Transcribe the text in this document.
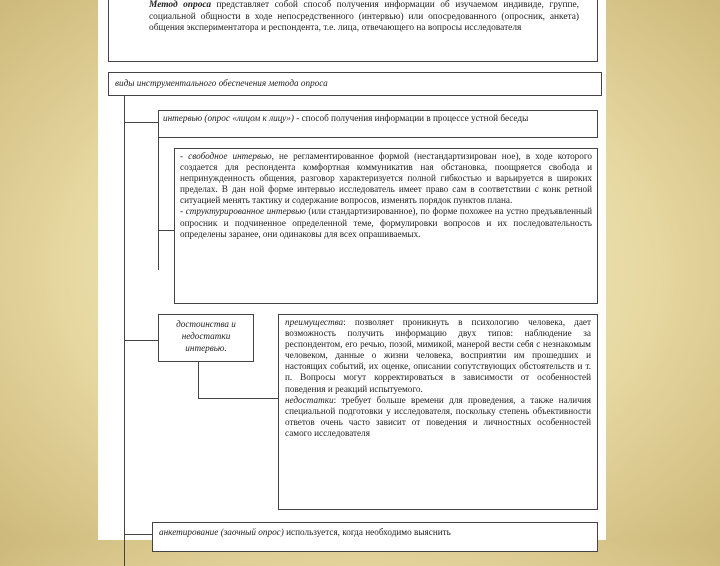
Метод опроса представляет собой способ получения информации об изучаемом индивиде, группе, социальной общности в ходе непосредственного (интервью) или опосредованного (опросник, анкета) общения экспериментатора и респондента, т.е. лица, отвечающего на вопросы исследователя

виды инструментального обеспечения метода опроса
интервью (опрос «лицом к лицу») - способ получения информации в процессе устной беседы

- свободное интервью, не регламентированное формой (нестандартизирован ное), в ходе которого создается для респондента комфортная коммуникатив ная обстановка, поощряется свобода и непринужденность общения, разговор характеризуется полной гибкостью и варьируется в широких пределах. В дан ной форме интервью исследователь имеет право сам в соответствии с конк ретной ситуацией менять тактику и содержание вопросов, изменять порядок пунктов плана.

- структурированное интервью (или стандартизированное), по форме похожее на устно предъявленный опросник и подчиненное определенной теме, формулировки вопросов и их последовательность определены заранее, они одинаковы для всех опрашиваемых.

достоинства и недостатки интервью.

преимущества: позволяет проникнуть в психологию человека, дает возможность получить информацию двух типов: наблюдение за респондентом, его речью, позой, мимикой, манерой вести себя с незнакомым человеком, данные о жизни человека, восприятии им прошедших и настоящих событий, их оценке, описании сопутствующих обстоятельств и т. п. Вопросы могут корректироваться в зависимости от особенностей поведения и реакций испытуемого.

недостатки: требует больше времени для проведения, а также наличия специальной подготовки у исследователя, поскольку степень объективности ответов очень часто зависит от поведения и личностных особенностей самого исследователя

анкетирование (заочный опрос) используется, когда необходимо выяснить
